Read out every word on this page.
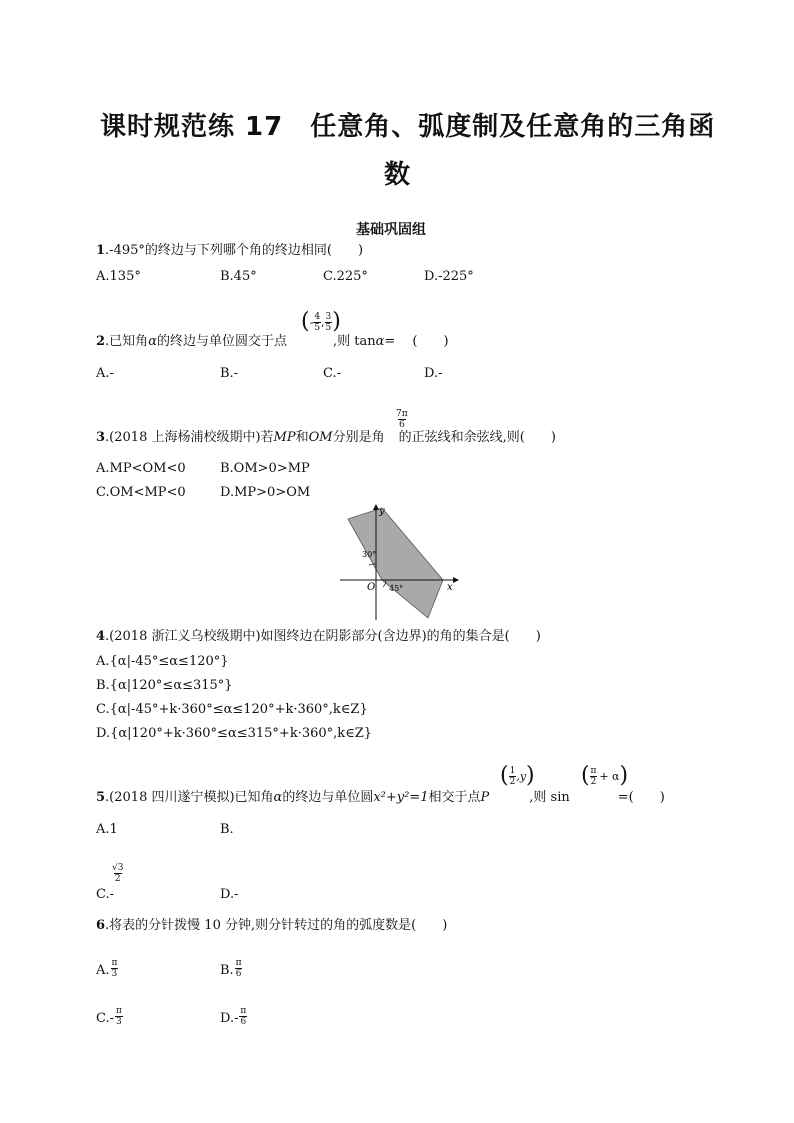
课时规范练 17　任意角、弧度制及任意角的三角函
数
基础巩固组
1.-495°的终边与下列哪个角的终边相同(　　)
A.135°	B.45°	C.225°	D.-225°
( - $\frac{4}{5}$ , $\frac{3}{5}$ )
2.已知角α的终边与单位圆交于点	,则 tanα=　 (　　)
A.-	B.-	C.-	D.-
$\frac{7\pi}{6}$
3.(2018 上海杨浦校级期中)若MP和OM分别是角 的正弦线和余弦线,则(　　)
A.MP<OM<0	B.OM>0>MP
C.OM<MP<0	D.MP>0>OM
y
x
O
30°
45°
4.(2018 浙江义乌校级期中)如图终边在阴影部分(含边界)的角的集合是(　　)
A.{α|-45°≤α≤120°}
B.{α|120°≤α≤315°}
C.{α|-45°+k·360°≤α≤120°+k·360°,k∈Z}
D.{α|120°+k·360°≤α≤315°+k·360°,k∈Z}
( $\frac{1}{2} ,y$ ) ( $\frac{\pi}{2} + \alpha$ )
5.(2018 四川遂宁模拟)已知角α的终边与单位圆x²+y²=1相交于点P	,则 sin	=(　　)
A.1	B.
$\frac{√3}{2}$
C.-	D.-
6.将表的分针拨慢 10 分钟,则分针转过的角的弧度数是(　　)
A. $\frac{\pi}{3}$	B. $\frac{\pi}{6}$
$C.- \frac{\pi}{3}$	$D.- \frac{\pi}{6}$
